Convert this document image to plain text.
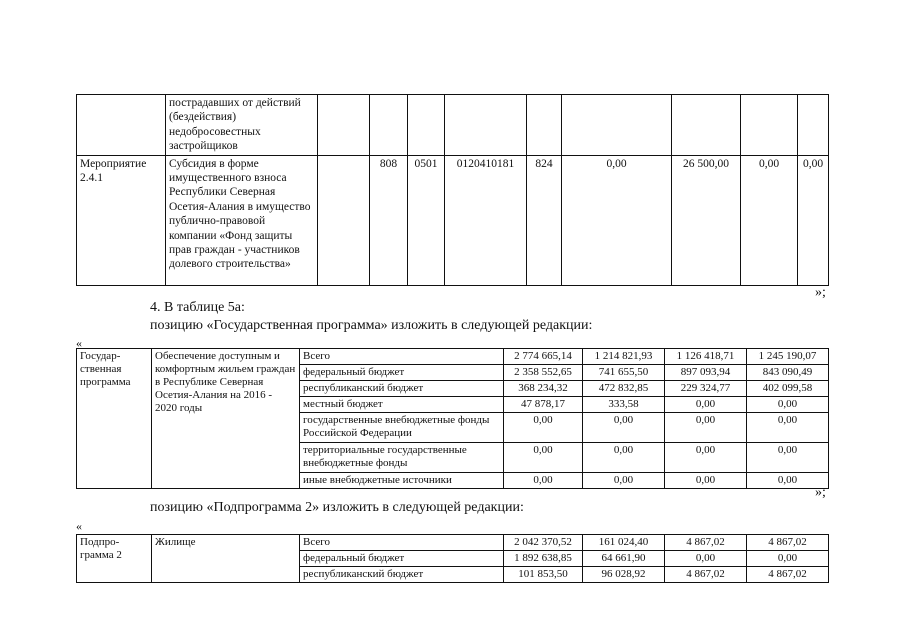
	пострадавших от действий (бездействия) недобросовестных застройщиков									
Мероприятие 2.4.1	Субсидия в форме имущественного взноса Республики Северная Осетия-Алания в имущество публично-правовой компании «Фонд защиты прав граждан - участников долевого строительства»		808	0501	0120410181	824	0,00	26 500,00	0,00	0,00
»;
4. В таблице 5а:
позицию «Государственная программа» изложить в следующей редакции:
«
Государ-ственная программа	Обеспечение доступным и комфортным жильем граждан в Республике Северная Осетия-Алания на 2016 - 2020 годы	Всего	2 774 665,14	1 214 821,93	1 126 418,71	1 245 190,07
		федеральный бюджет	2 358 552,65	741 655,50	897 093,94	843 090,49
		республиканский бюджет	368 234,32	472 832,85	229 324,77	402 099,58
		местный бюджет	47 878,17	333,58	0,00	0,00
		государственные внебюджетные фонды Российской Федерации	0,00	0,00	0,00	0,00
		территориальные государственные внебюджетные фонды	0,00	0,00	0,00	0,00
		иные внебюджетные источники	0,00	0,00	0,00	0,00
»;
позицию «Подпрограмма 2» изложить в следующей редакции:
«
Подпро-грамма 2	Жилище	Всего	2 042 370,52	161 024,40	4 867,02	4 867,02
		федеральный бюджет	1 892 638,85	64 661,90	0,00	0,00
		республиканский бюджет	101 853,50	96 028,92	4 867,02	4 867,02
